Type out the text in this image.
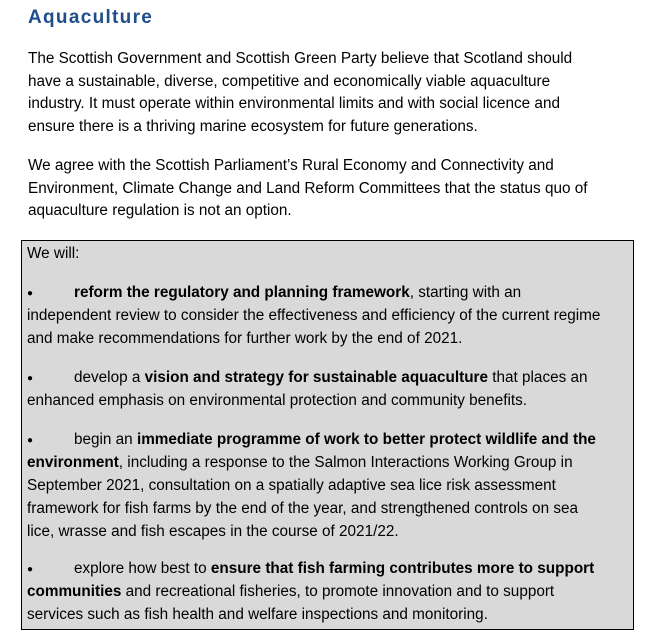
Aquaculture

The Scottish Government and Scottish Green Party believe that Scotland should
have a sustainable, diverse, competitive and economically viable aquaculture
industry. It must operate within environmental limits and with social licence and
ensure there is a thriving marine ecosystem for future generations.

We agree with the Scottish Parliament’s Rural Economy and Connectivity and
Environment, Climate Change and Land Reform Committees that the status quo of
aquaculture regulation is not an option.

We will:
●	reform the regulatory and planning framework, starting with an
independent review to consider the effectiveness and efficiency of the current regime
and make recommendations for further work by the end of 2021.
●	develop a vision and strategy for sustainable aquaculture that places an
enhanced emphasis on environmental protection and community benefits.
●	begin an immediate programme of work to better protect wildlife and the
environment, including a response to the Salmon Interactions Working Group in
September 2021, consultation on a spatially adaptive sea lice risk assessment
framework for fish farms by the end of the year, and strengthened controls on sea
lice, wrasse and fish escapes in the course of 2021/22.
●	explore how best to ensure that fish farming contributes more to support
communities and recreational fisheries, to promote innovation and to support
services such as fish health and welfare inspections and monitoring.
